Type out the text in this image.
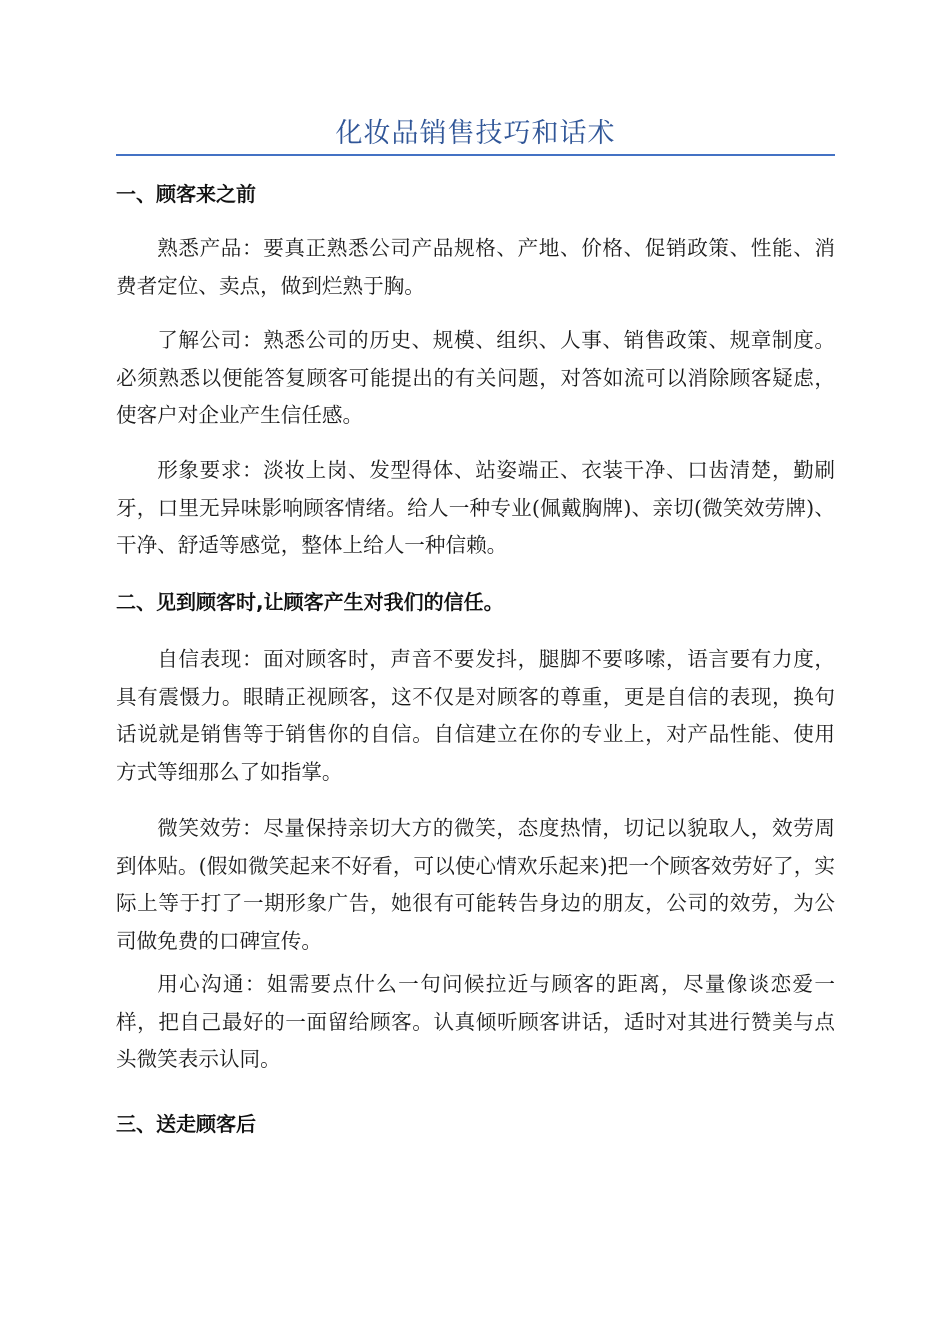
化妆品销售技巧和话术
一、顾客来之前

熟悉产品：要真正熟悉公司产品规格、产地、价格、促销政策、性能、消费者定位、卖点，做到烂熟于胸。

了解公司：熟悉公司的历史、规模、组织、人事、销售政策、规章制度。必须熟悉以便能答复顾客可能提出的有关问题，对答如流可以消除顾客疑虑，使客户对企业产生信任感。

形象要求：淡妆上岗、发型得体、站姿端正、衣装干净、口齿清楚，勤刷牙，口里无异味影响顾客情绪。给人一种专业(佩戴胸牌)、亲切(微笑效劳牌)、干净、舒适等感觉，整体上给人一种信赖。

二、见到顾客时,让顾客产生对我们的信任。

自信表现：面对顾客时，声音不要发抖，腿脚不要哆嗦，语言要有力度，具有震慑力。眼睛正视顾客，这不仅是对顾客的尊重，更是自信的表现，换句话说就是销售等于销售你的自信。自信建立在你的专业上，对产品性能、使用方式等细那么了如指掌。

微笑效劳：尽量保持亲切大方的微笑，态度热情，切记以貌取人，效劳周到体贴。(假如微笑起来不好看，可以使心情欢乐起来)把一个顾客效劳好了，实际上等于打了一期形象广告，她很有可能转告身边的朋友，公司的效劳，为公司做免费的口碑宣传。

用心沟通：姐需要点什么一句问候拉近与顾客的距离，尽量像谈恋爱一样，把自己最好的一面留给顾客。认真倾听顾客讲话，适时对其进行赞美与点头微笑表示认同。

三、送走顾客后
